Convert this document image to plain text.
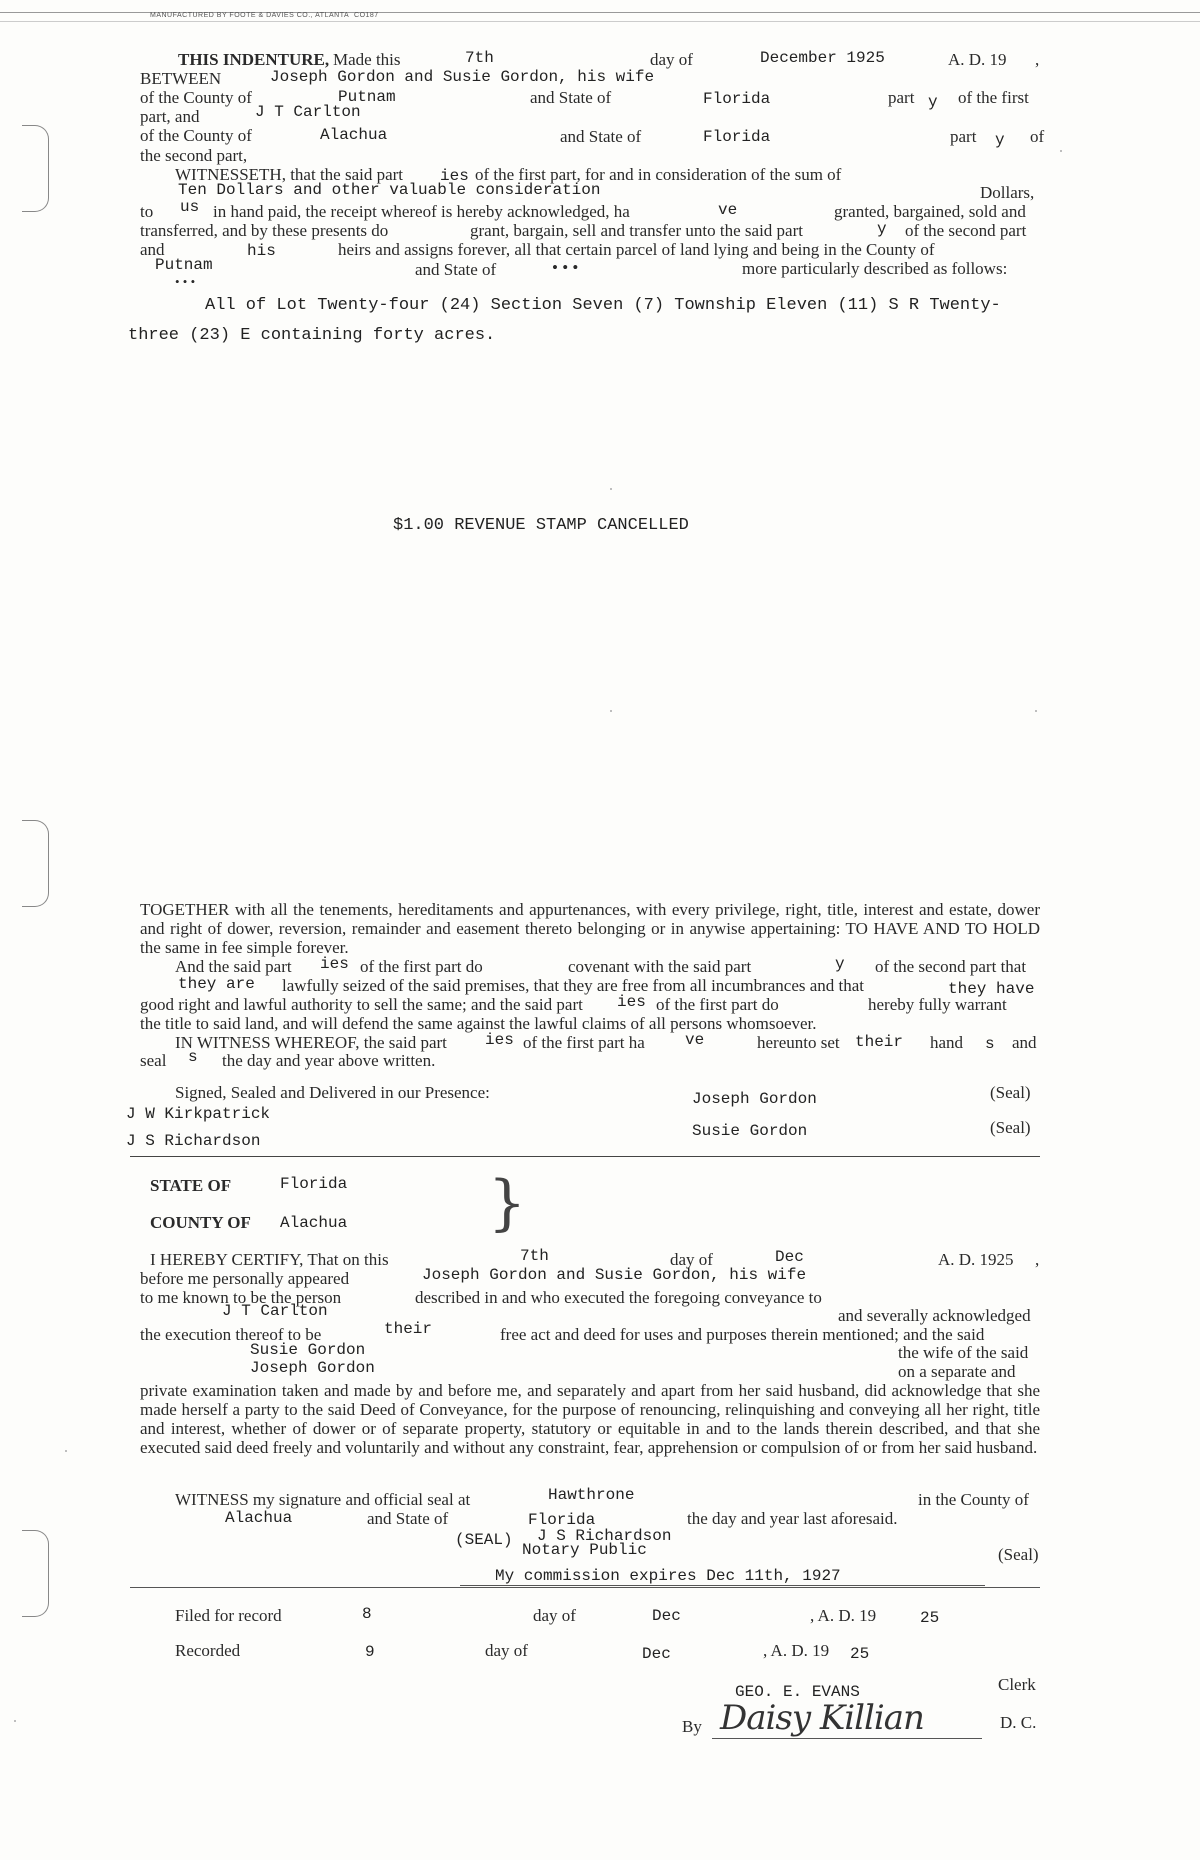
MANUFACTURED BY FOOTE & DAVIES CO., ATLANTA CO187
THIS INDENTURE, Made this	7th	day of	December 1925	A. D. 19 ,
BETWEEN	Joseph Gordon and Susie Gordon, his wife
of the County of	Putnam	and State of	Florida	part y of the first
part, and	J T Carlton
of the County of	Alachua	and State of	Florida	part y of
the second part,
WITNESSETH, that the said part ies of the first part, for and in consideration of the sum of
Ten Dollars and other valuable consideration	Dollars,
to us in hand paid, the receipt whereof is hereby acknowledged, ha	ve	granted, bargained, sold and
transferred, and by these presents do	grant, bargain, sell and transfer unto the said part	y of the second part
and	his	heirs and assigns forever, all that certain parcel of land lying and being in the County of
Putnam	and State of	• • •	more particularly described as follows:
• • •
All of Lot Twenty-four (24) Section Seven (7) Township Eleven (11) S R Twenty-
three (23) E containing forty acres.
$1.00 REVENUE STAMP CANCELLED
TOGETHER with all the tenements, hereditaments and appurtenances, with every privilege, right, title, interest and estate, dower and right of dower, reversion, remainder and easement thereto belonging or in anywise appertaining: TO HAVE AND TO HOLD the same in fee simple forever.
And the said part ies of the first part do	covenant with the said part	y of the second part that
they are lawfully seized of the said premises, that they are free from all incumbrances and that	they have
good right and lawful authority to sell the same; and the said part ies of the first part do	hereby fully warrant
the title to said land, and will defend the same against the lawful claims of all persons whomsoever.
IN WITNESS WHEREOF, the said part ies of the first part ha	ve	hereunto set their hand s and
seal s the day and year above written.
Signed, Sealed and Delivered in our Presence:
J W Kirkpatrick
J S Richardson
Joseph Gordon
Susie Gordon
(Seal)
(Seal)
STATE OF	Florida
COUNTY OF Alachua }
I HEREBY CERTIFY, That on this	7th	day of	Dec	A. D. 1925 ,
before me personally appeared	Joseph Gordon and Susie Gordon, his wife
to me known to be the person	described in and who executed the foregoing conveyance to
J T Carlton	and severally acknowledged
the execution thereof to be	their	free act and deed for uses and purposes therein mentioned; and the said
Susie Gordon	the wife of the said
Joseph Gordon	on a separate and
private examination taken and made by and before me, and separately and apart from her said husband, did acknowledge that she made herself a party to the said Deed of Conveyance, for the purpose of renouncing, relinquishing and conveying all her right, title and interest, whether of dower or of separate property, statutory or equitable in and to the lands therein described, and that she executed said deed freely and voluntarily and without any constraint, fear, apprehension or compulsion of or from her said husband.
WITNESS my signature and official seal at	Hawthrone	in the County of
Alachua	and State of	Florida	the day and year last aforesaid.
(SEAL) J S Richardson
Notary Public	(Seal)
My commission expires Dec 11th, 1927
Filed for record	8	day of	Dec	, A. D. 19	25
Recorded	9	day of	Dec	, A. D. 19 25
GEO. E. EVANS	Clerk
By Daisy Killian	D. C.
